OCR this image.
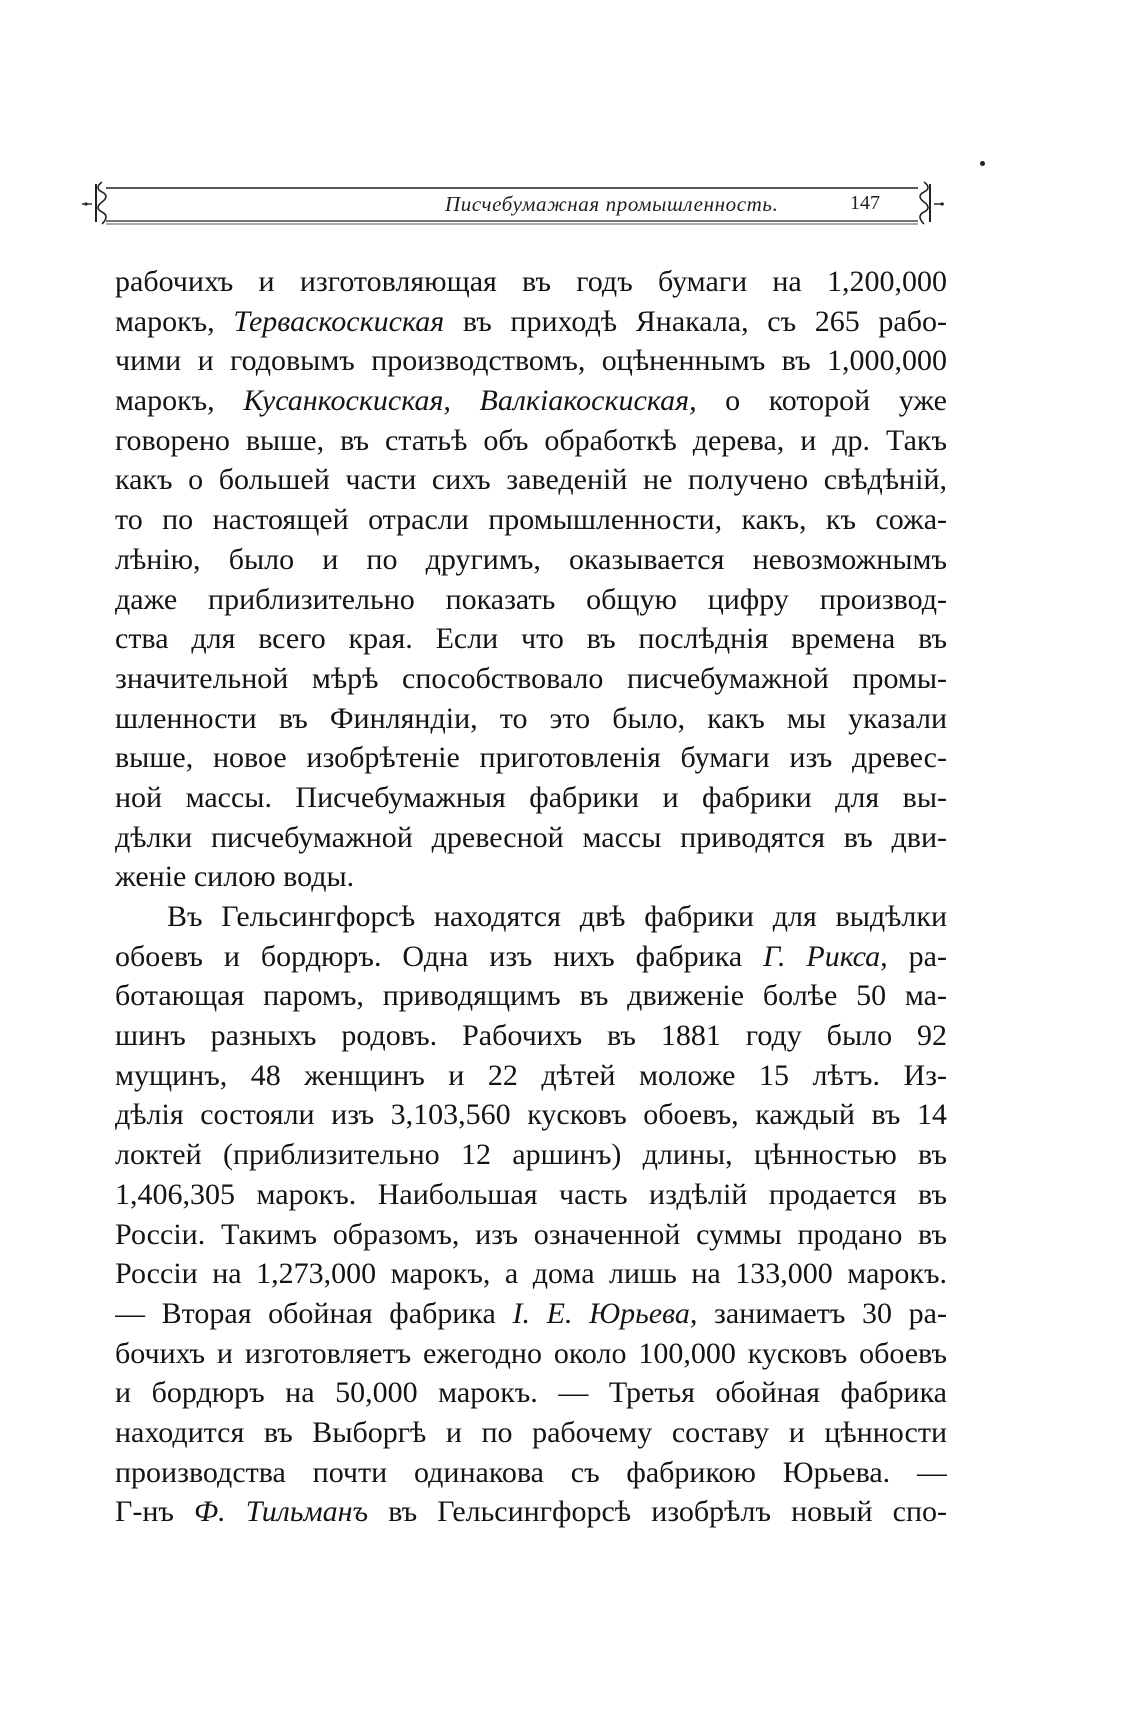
Писчебумажная промышленность.	147
рабочихъ и изготовляющая въ годъ бумаги на 1,200,000
марокъ, Терваcкоскиская въ приходѣ Янакала, съ 265 рабо-
чими и годовымъ производствомъ, оцѣненнымъ въ 1,000,000
марокъ, Кусанкоскиская, Валкiакоскиская, о которой уже
говорено выше, въ статьѣ объ обработкѣ дерева, и др. Такъ
какъ о большей части сихъ заведенiй не получено свѣдѣнiй,
то по настоящей отрасли промышленности, какъ, къ сожа-
лѣнiю, было и по другимъ, оказывается невозможнымъ
даже приблизительно показать общую цифру производ-
ства для всего края. Если что въ послѣднiя времена въ
значительной мѣрѣ способствовало писчебумажной промы-
шленности въ Финляндiи, то это было, какъ мы указали
выше, новое изобрѣтенiе приготовленiя бумаги изъ древес-
ной массы. Писчебумажныя фабрики и фабрики для вы-
дѣлки писчебумажной древесной массы приводятся въ дви-
женiе силою воды.
Въ Гельсингфорсѣ находятся двѣ фабрики для выдѣлки
обоевъ и бордюръ. Одна изъ нихъ фабрика Г. Рикса, ра-
ботающая паромъ, приводящимъ въ движенiе болѣе 50 ма-
шинъ разныхъ родовъ. Рабочихъ въ 1881 году было 92
мущинъ, 48 женщинъ и 22 дѣтей моложе 15 лѣтъ. Из-
дѣлiя состояли изъ 3,103,560 кусковъ обоевъ, каждый въ 14
локтей (приблизительно 12 аршинъ) длины, цѣнностью въ
1,406,305 марокъ. Наибольшая часть издѣлiй продается въ
Россiи. Такимъ образомъ, изъ означенной суммы продано въ
Россiи на 1,273,000 марокъ, а дома лишь на 133,000 марокъ.
— Вторая обойная фабрика I. Е. Юрьева, занимаетъ 30 ра-
бочихъ и изготовляетъ ежегодно около 100,000 кусковъ обоевъ
и бордюръ на 50,000 марокъ. — Третья обойная фабрика
находится въ Выборгѣ и по рабочему составу и цѣнности
производства почти одинакова съ фабрикою Юрьева. —
Г-нъ Ф. Тильманъ въ Гельсингфорсѣ изобрѣлъ новый спо-
